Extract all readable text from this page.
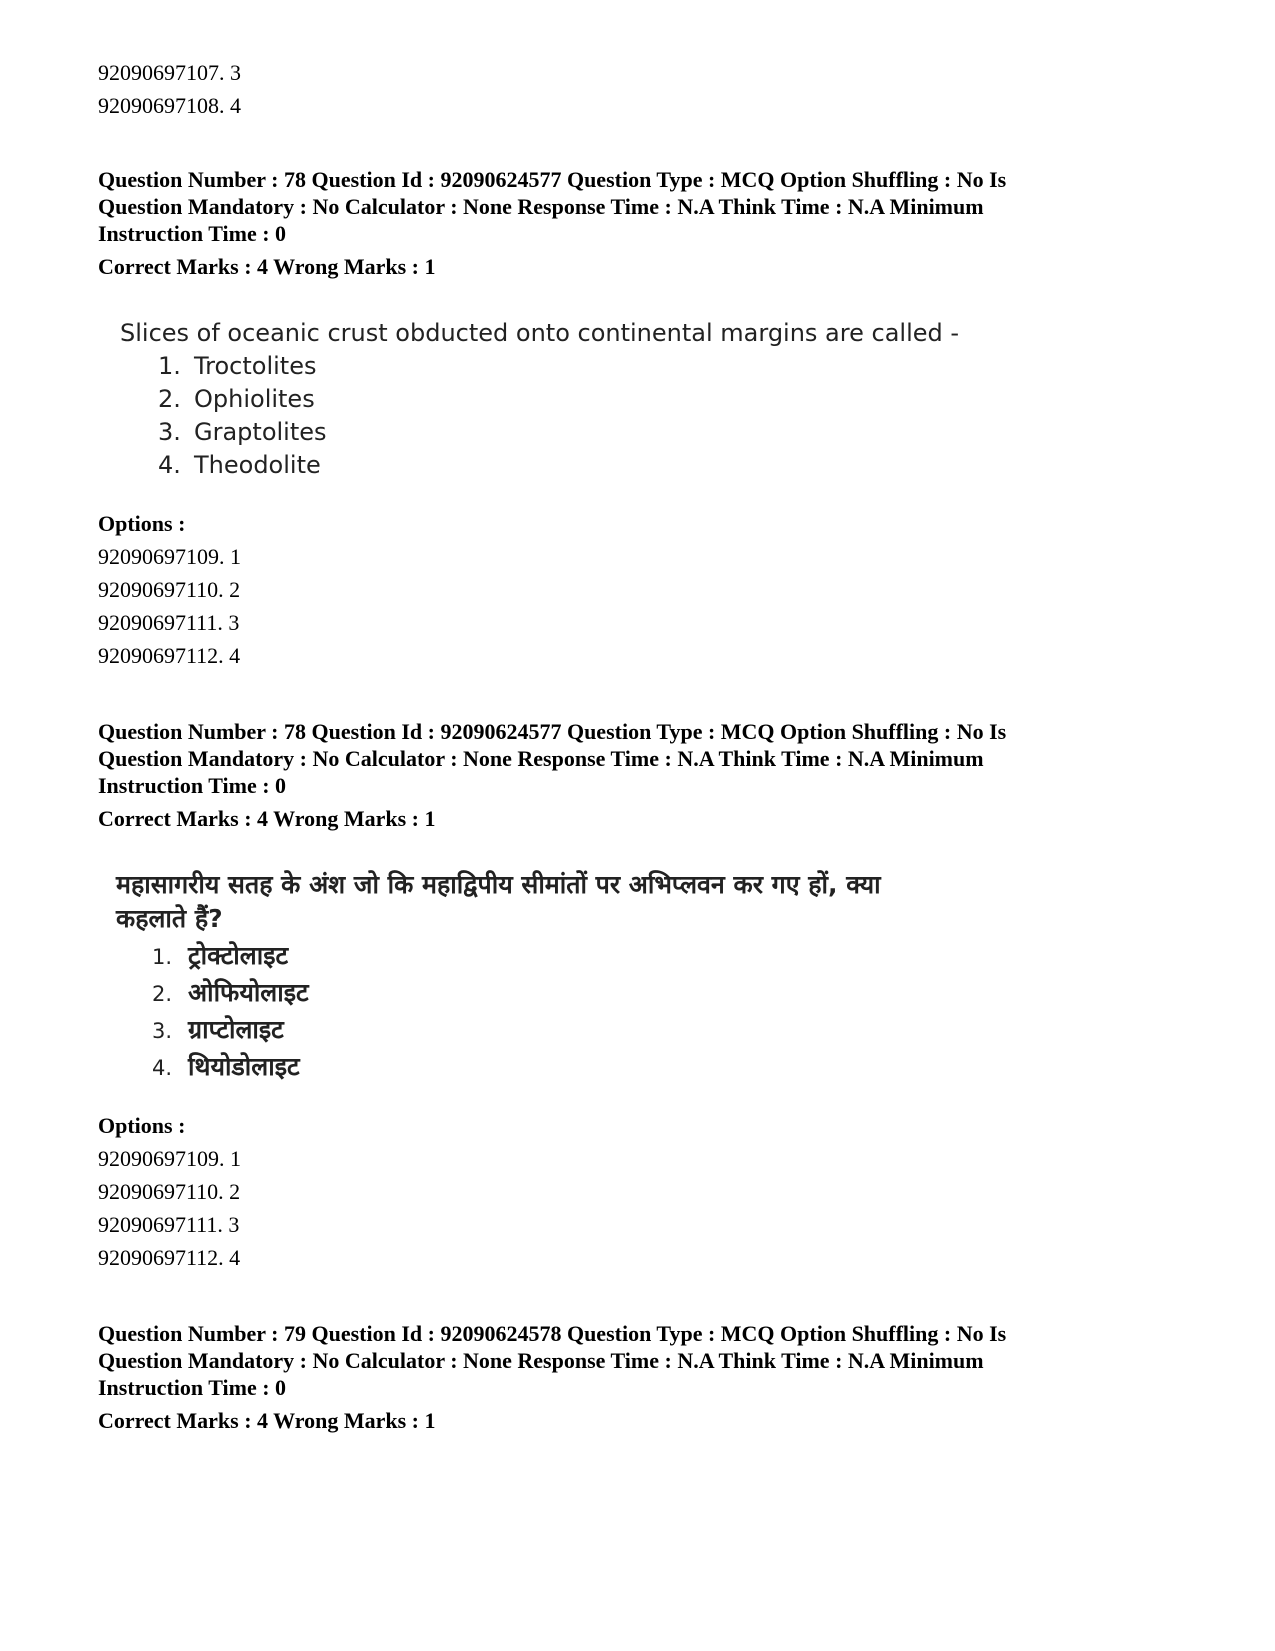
92090697107. 3
92090697108. 4
Question Number : 78 Question Id : 92090624577 Question Type : MCQ Option Shuffling : No Is
Question Mandatory : No Calculator : None Response Time : N.A Think Time : N.A Minimum
Instruction Time : 0
Correct Marks : 4 Wrong Marks : 1
Slices of oceanic crust obducted onto continental margins are called -
1. Troctolites
2. Ophiolites
3. Graptolites
4. Theodolite
Options :
92090697109. 1
92090697110. 2
92090697111. 3
92090697112. 4
Question Number : 78 Question Id : 92090624577 Question Type : MCQ Option Shuffling : No Is
Question Mandatory : No Calculator : None Response Time : N.A Think Time : N.A Minimum
Instruction Time : 0
Correct Marks : 4 Wrong Marks : 1
महासागरीय सतह के अंश जो कि महाद्विपीय सीमांतों पर अभिप्लवन कर गए हों, क्या
कहलाते हैं?
1. ट्रोक्टोलाइट
2. ओफियोलाइट
3. ग्राप्टोलाइट
4. थियोडोलाइट
Options :
92090697109. 1
92090697110. 2
92090697111. 3
92090697112. 4
Question Number : 79 Question Id : 92090624578 Question Type : MCQ Option Shuffling : No Is
Question Mandatory : No Calculator : None Response Time : N.A Think Time : N.A Minimum
Instruction Time : 0
Correct Marks : 4 Wrong Marks : 1
